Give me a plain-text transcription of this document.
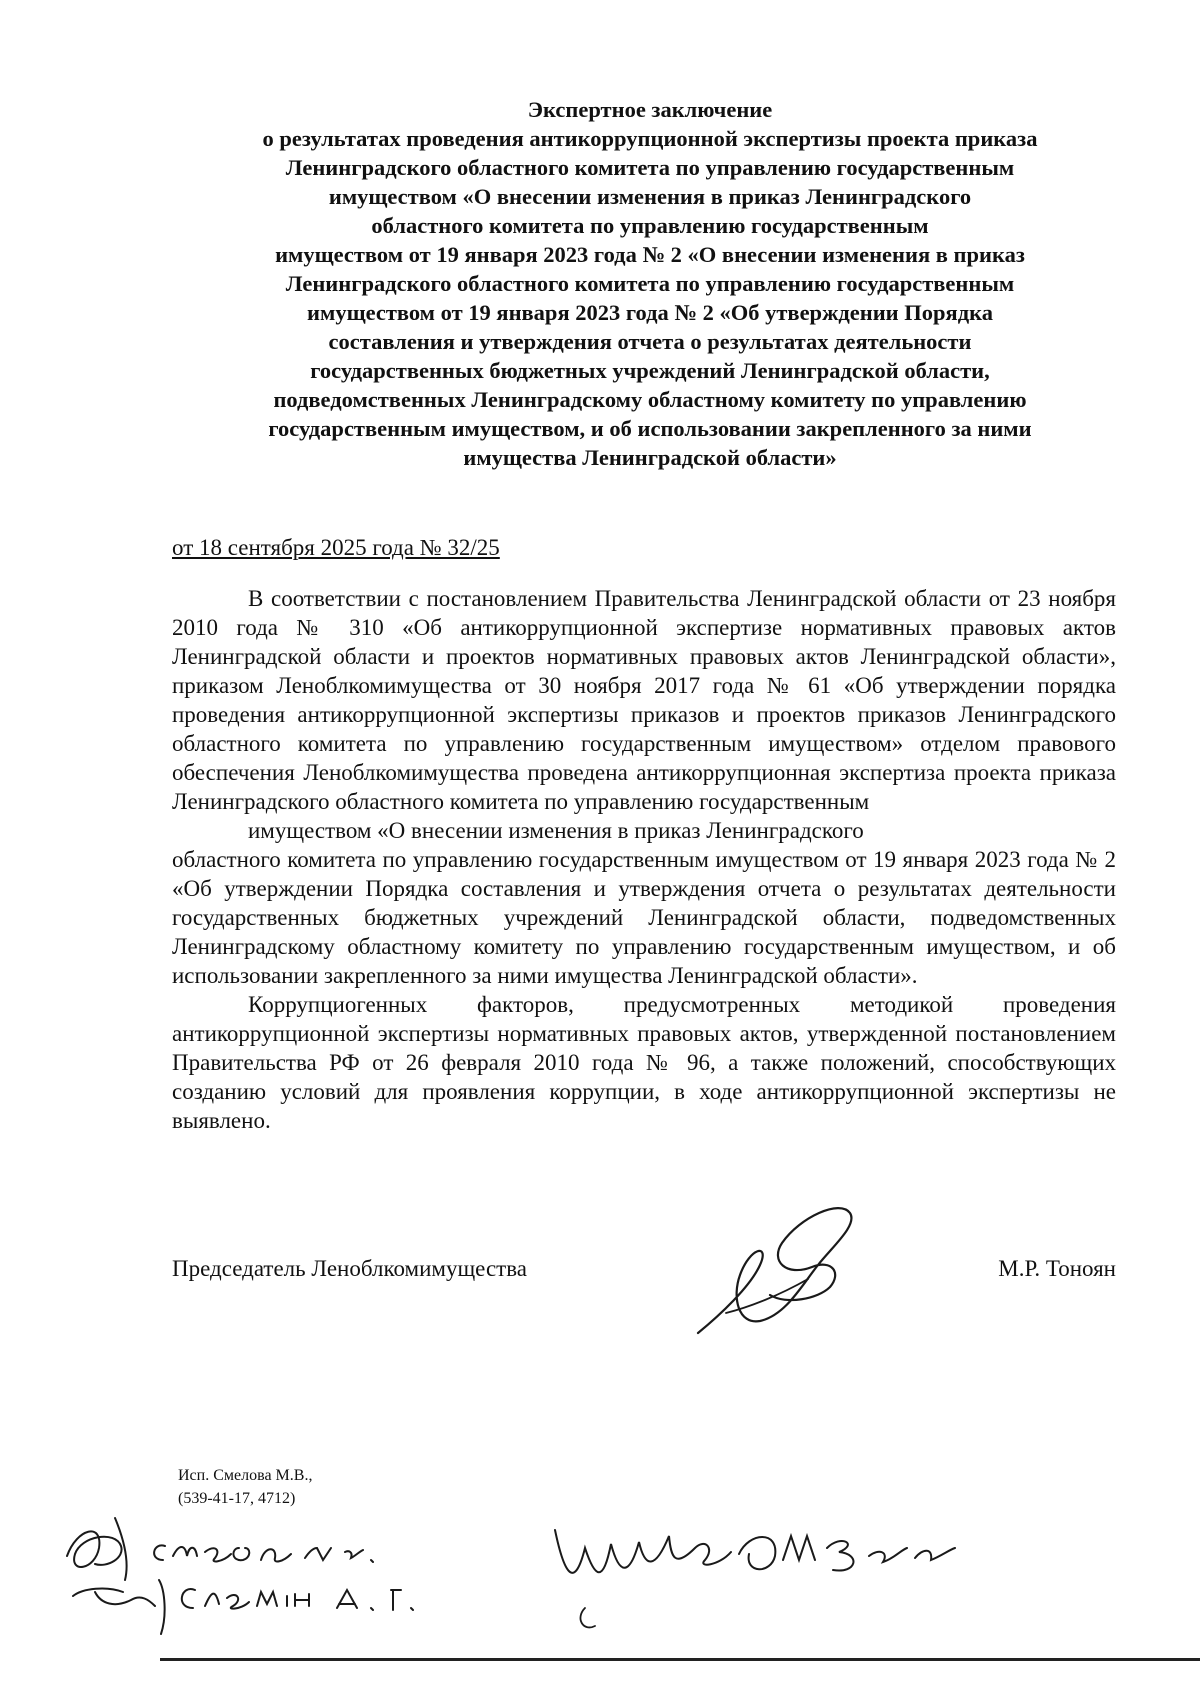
Экспертное заключение
о результатах проведения антикоррупционной экспертизы проекта приказа
Ленинградского областного комитета по управлению государственным
имуществом «О внесении изменения в приказ Ленинградского
областного комитета по управлению государственным
имуществом от 19 января 2023 года № 2 «О внесении изменения в приказ
Ленинградского областного комитета по управлению государственным
имуществом от 19 января 2023 года № 2 «Об утверждении Порядка
составления и утверждения отчета о результатах деятельности
государственных бюджетных учреждений Ленинградской области,
подведомственных Ленинградскому областному комитету по управлению
государственным имуществом, и об использовании закрепленного за ними
имущества Ленинградской области»
от 18 сентября 2025 года № 32/25

В соответствии с постановлением Правительства Ленинградской области от 23 ноября 2010 года № 310 «Об антикоррупционной экспертизе нормативных правовых актов Ленинградской области и проектов нормативных правовых актов Ленинградской области», приказом Леноблкомимущества от 30 ноября 2017 года № 61 «Об утверждении порядка проведения антикоррупционной экспертизы приказов и проектов приказов Ленинградского областного комитета по управлению государственным имуществом» отделом правового обеспечения Леноблкомимущества проведена антикоррупционная экспертиза проекта приказа Ленинградского областного комитета по управлению государственным
имуществом «О внесении изменения в приказ Ленинградского

областного комитета по управлению государственным имуществом от 19 января 2023 года № 2 «Об утверждении Порядка составления и утверждения отчета о результатах деятельности государственных бюджетных учреждений Ленинградской области, подведомственных Ленинградскому областному комитету по управлению государственным имуществом, и об использовании закрепленного за ними имущества Ленинградской области».

Коррупциогенных факторов, предусмотренных методикой проведения антикоррупционной экспертизы нормативных правовых актов, утвержденной постановлением Правительства РФ от 26 февраля 2010 года № 96, а также положений, способствующих созданию условий для проявления коррупции, в ходе антикоррупционной экспертизы не выявлено.

Председатель Леноблкомимущества	М.Р. Тоноян
Исп. Смелова М.В.,
(539-41-17, 4712)
